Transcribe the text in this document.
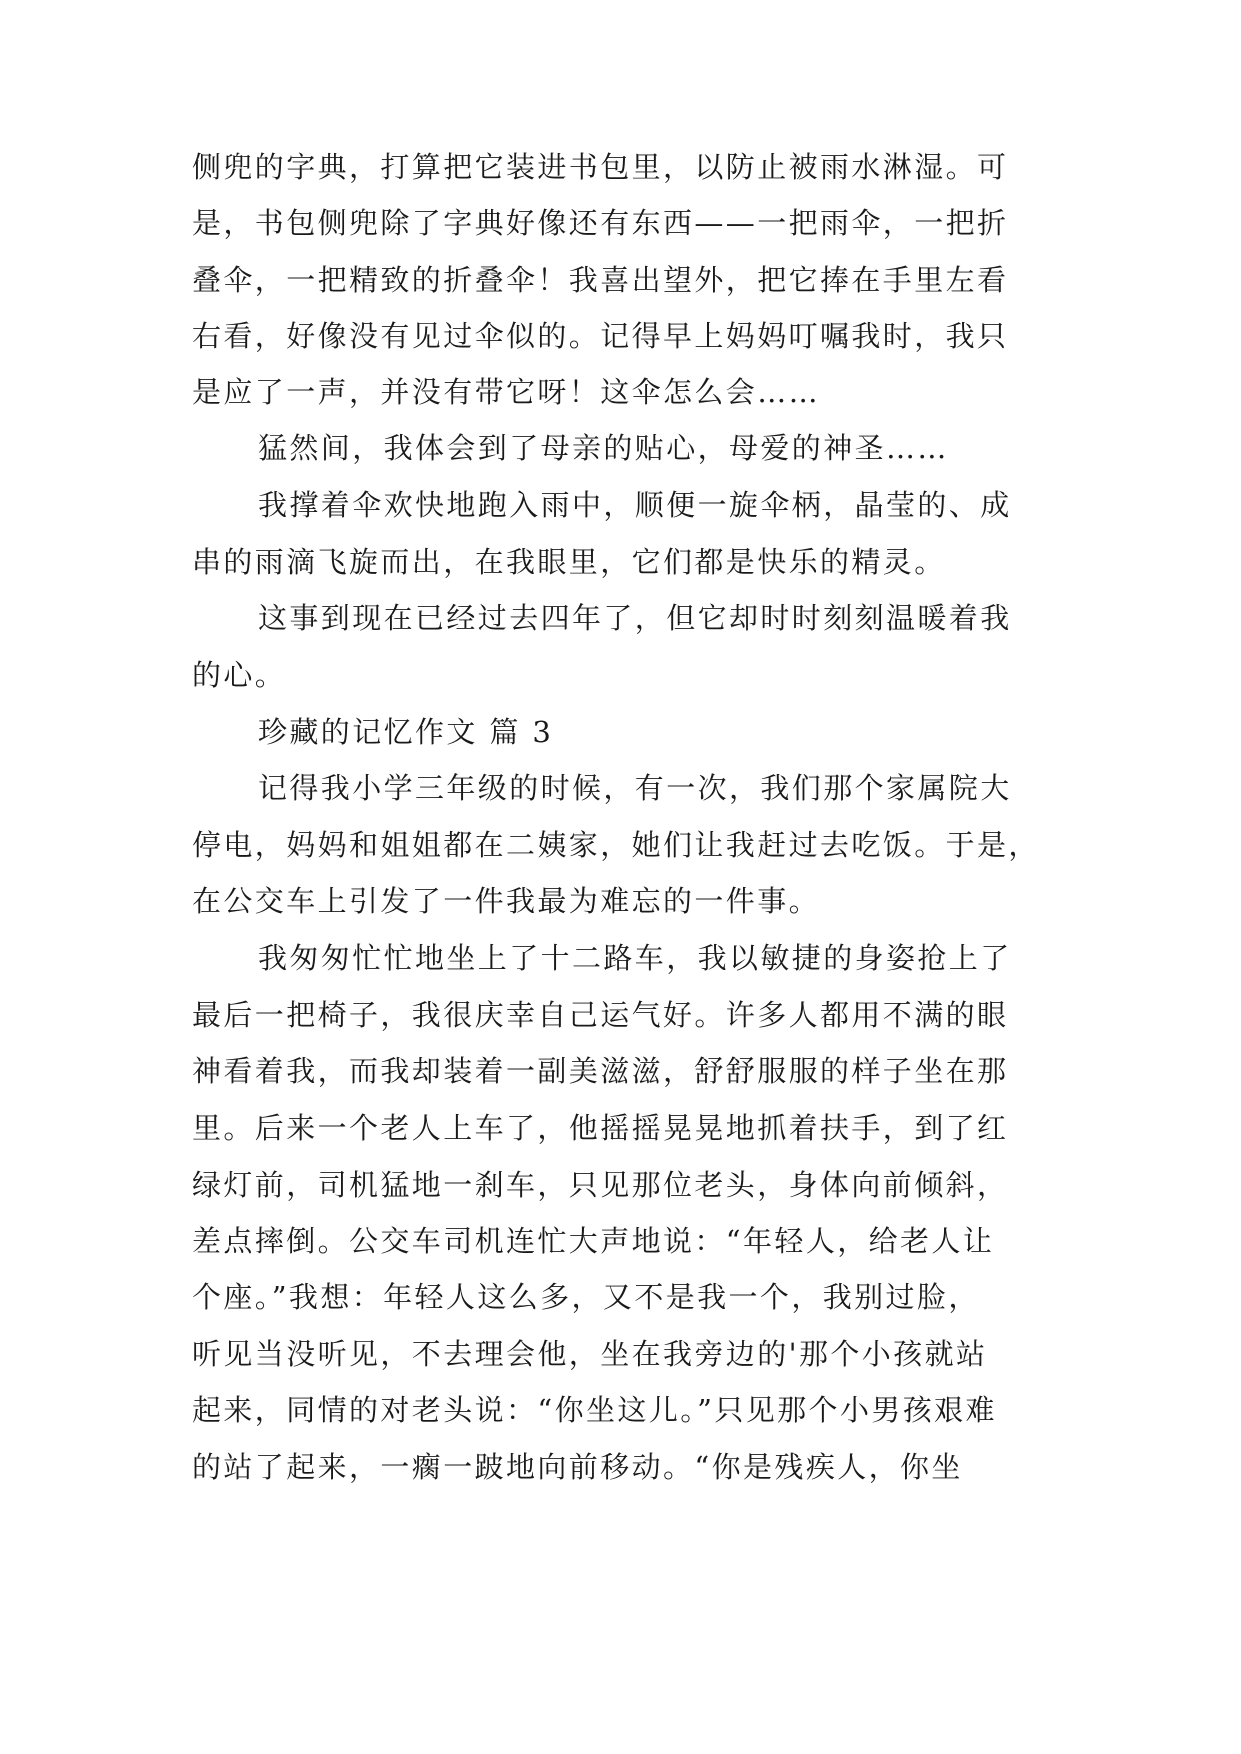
侧兜的字典，打算把它装进书包里，以防止被雨水淋湿。可
是，书包侧兜除了字典好像还有东西——一把雨伞，一把折
叠伞，一把精致的折叠伞！我喜出望外，把它捧在手里左看
右看，好像没有见过伞似的。记得早上妈妈叮嘱我时，我只
是应了一声，并没有带它呀！这伞怎么会……
猛然间，我体会到了母亲的贴心，母爱的神圣……
我撑着伞欢快地跑入雨中，顺便一旋伞柄，晶莹的、成
串的雨滴飞旋而出，在我眼里，它们都是快乐的精灵。
这事到现在已经过去四年了，但它却时时刻刻温暖着我
的心。
珍藏的记忆作文 篇 3
记得我小学三年级的时候，有一次，我们那个家属院大
停电，妈妈和姐姐都在二姨家，她们让我赶过去吃饭。于是，
在公交车上引发了一件我最为难忘的一件事。
我匆匆忙忙地坐上了十二路车，我以敏捷的身姿抢上了
最后一把椅子，我很庆幸自己运气好。许多人都用不满的眼
神看着我，而我却装着一副美滋滋，舒舒服服的样子坐在那
里。后来一个老人上车了，他摇摇晃晃地抓着扶手，到了红
绿灯前，司机猛地一刹车，只见那位老头，身体向前倾斜，
差点摔倒。公交车司机连忙大声地说：“年轻人，给老人让
个座。”我想：年轻人这么多，又不是我一个，我别过脸，
听见当没听见，不去理会他，坐在我旁边的'那个小孩就站
起来，同情的对老头说：“你坐这儿。”只见那个小男孩艰难
的站了起来，一瘸一跛地向前移动。“你是残疾人，你坐
